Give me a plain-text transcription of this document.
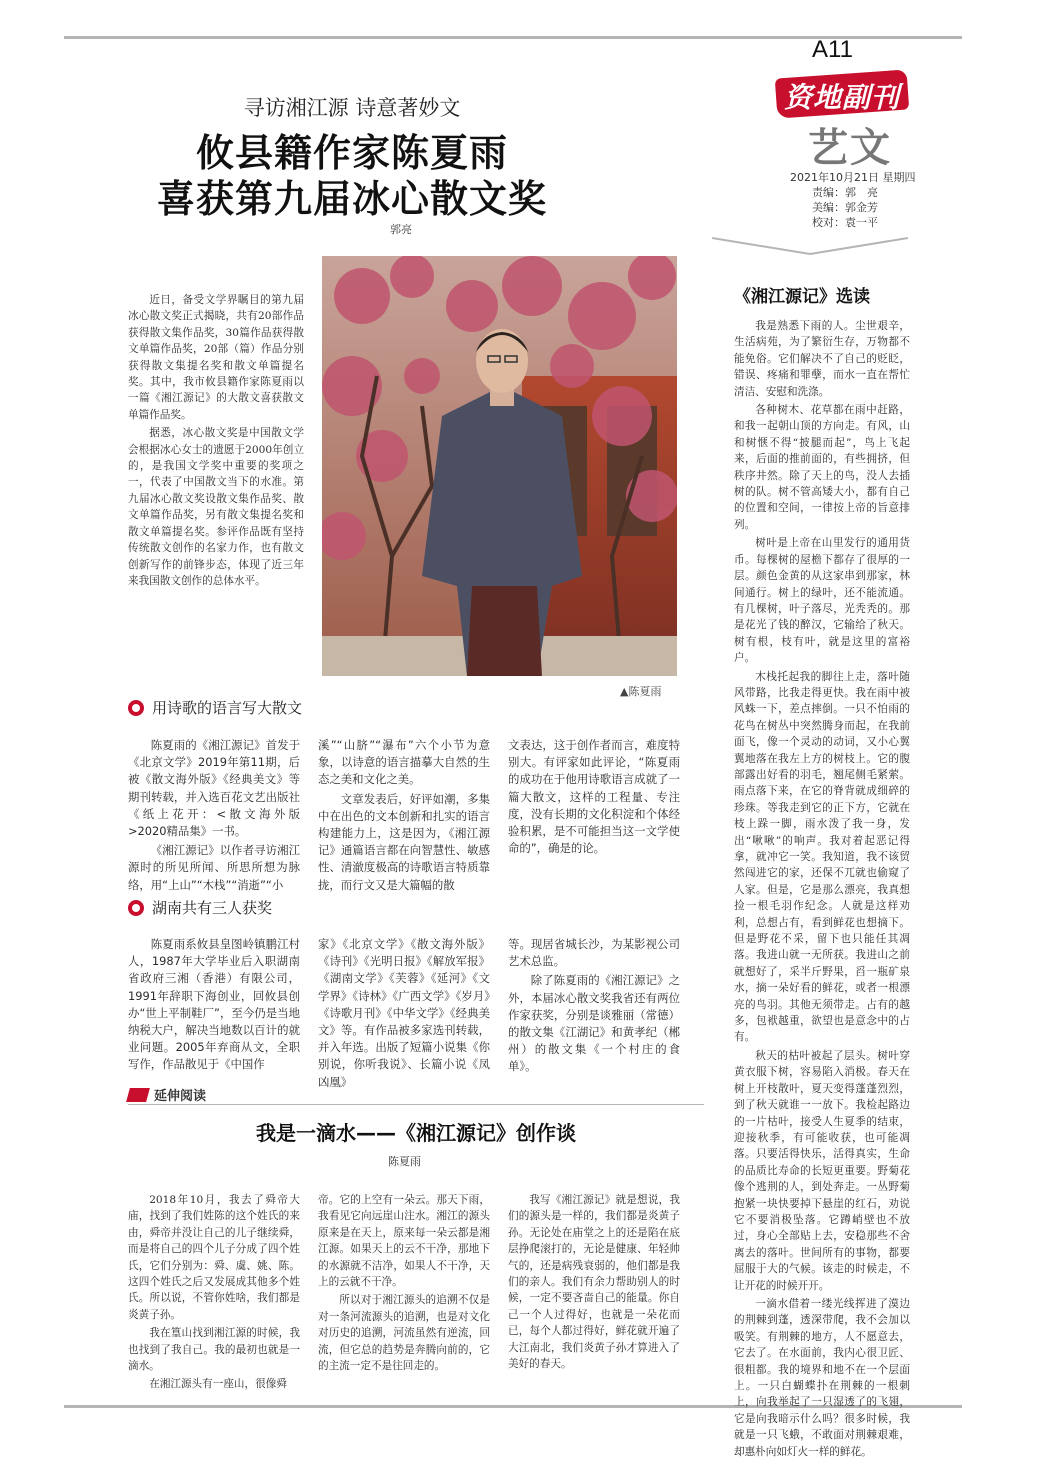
A11
资地副刊
艺文
2021年10月21日 星期四
责编：郭　亮
美编：郭金芳
校对：袁一平
寻访湘江源 诗意著妙文
攸县籍作家陈夏雨
喜获第九届冰心散文奖
郭亮

近日，备受文学界瞩目的第九届冰心散文奖正式揭晓，共有20部作品获得散文集作品奖，30篇作品获得散文单篇作品奖，20部（篇）作品分别获得散文集提名奖和散文单篇提名奖。其中，我市攸县籍作家陈夏雨以一篇《湘江源记》的大散文喜获散文单篇作品奖。

据悉，冰心散文奖是中国散文学会根据冰心女士的遗愿于2000年创立的，是我国文学奖中重要的奖项之一，代表了中国散文当下的水准。第九届冰心散文奖设散文集作品奖、散文单篇作品奖，另有散文集提名奖和散文单篇提名奖。参评作品既有坚持传统散文创作的名家力作，也有散文创新写作的前锋步态，体现了近三年来我国散文创作的总体水平。

▲陈夏雨
用诗歌的语言写大散文

陈夏雨的《湘江源记》首发于《北京文学》2019年第11期，后被《散文海外版》《经典美文》等期刊转载，并入选百花文艺出版社《纸上花开：<散文海外版>2020精品集》一书。

《湘江源记》以作者寻访湘江源时的所见所闻、所思所想为脉络，用“上山”“木栈”“消逝”“小

溪”“山脐”“瀑布”六个小节为意象，以诗意的语言描摹大自然的生态之美和文化之美。

文章发表后，好评如潮，多集中在出色的文本创新和扎实的语言构建能力上，这是因为，《湘江源记》通篇语言都在向智慧性、敏感性、清澈度极高的诗歌语言特质靠拢，而行文又是大篇幅的散

文表达，这于创作者而言，难度特别大。有评家如此评论，“陈夏雨的成功在于他用诗歌语言成就了一篇大散文，这样的工程量、专注度，没有长期的文化积淀和个体经验积累，是不可能担当这一文学使命的”，确是的论。

湖南共有三人获奖

陈夏雨系攸县皇图岭镇鹏江村人，1987年大学毕业后入职湖南省政府三湘（香港）有限公司，1991年辞职下海创业，回攸县创办“世上平制鞋厂”，至今仍是当地纳税大户，解决当地数以百计的就业问题。2005年弃商从文，全职写作，作品散见于《中国作

家》《北京文学》《散文海外版》《诗刊》《光明日报》《解放军报》《湖南文学》《芙蓉》《延河》《文学界》《诗林》《广西文学》《岁月》《诗歌月刊》《中华文学》《经典美文》等。有作品被多家选刊转载，并入年选。出版了短篇小说集《你别说，你听我说》、长篇小说《凤凶凰》

等。现居省城长沙，为某影视公司艺术总监。

除了陈夏雨的《湘江源记》之外，本届冰心散文奖我省还有两位作家获奖，分别是谈雅丽（常德）的散文集《江湖记》和黄孝纪（郴州）的散文集《一个村庄的食单》。

延伸阅读
我是一滴水——《湘江源记》创作谈
陈夏雨

2018年10月，我去了舜帝大庙，找到了我们姓陈的这个姓氏的来由，舜帝并没让自己的儿子继续舜，而是将自己的四个儿子分成了四个姓氏，它们分别为：舜、虞、姚、陈。这四个姓氏之后又发展成其他多个姓氏。所以说，不管你姓啥，我们都是炎黄子孙。

我在篁山找到湘江源的时候，我也找到了我自己。我的最初也就是一滴水。

在湘江源头有一座山，很像舜

帝。它的上空有一朵云。那天下雨，我看见它向远崖山注水。湘江的源头原来是在天上，原来每一朵云都是湘江源。如果天上的云不干净，那地下的水源就不洁净，如果人不干净，天上的云就不干净。

所以对于湘江源头的追溯不仅是对一条河流源头的追溯，也是对文化对历史的追溯，河流虽然有逆流，回流，但它总的趋势是奔腾向前的，它的主流一定不是往回走的。

我写《湘江源记》就是想说，我们的源头是一样的，我们都是炎黄子孙。无论处在庙堂之上的还是陷在底层挣爬滚打的，无论是健康、年轻帅气的，还是病残衰弱的，他们都是我们的亲人。我们有余力帮助别人的时候，一定不要吝啬自己的能量。你自己一个人过得好，也就是一朵花而已，每个人都过得好，鲜花就开遍了大江南北，我们炎黄子孙才算进入了美好的春天。

《湘江源记》选读

我是熟悉下雨的人。尘世艰辛，生活病苑，为了繁衍生存，万物都不能免俗。它们解决不了自己的贬眨，错误、疼痛和罪孽，而水一直在帮忙清洁、安慰和洗涤。

各种树木、花草都在雨中赶路，和我一起朝山顶的方向走。有风，山和树惬不得“披腿而起”，鸟上飞起来，后面的推前面的，有些拥挤，但秩序井然。除了天上的鸟，没人去插树的队。树不管高矮大小，都有自己的位置和空间，一律按上帝的旨意排列。

树叶是上帝在山里发行的通用货币。每棵树的屋檐下都存了很厚的一层。颜色金黄的从这家串到那家，林间通行。树上的绿叶，还不能流通。有几棵树，叶子落尽，光秃秃的。那是花光了钱的醉汉，它输给了秋天。树有根，枝有叶，就是这里的富裕户。

木栈托起我的脚往上走，落叶随风带路，比我走得更快。我在雨中被风蛛一下，差点摔倒。一只不怕雨的花鸟在树丛中突然腾身而起，在我前面飞，像一个灵动的动词，又小心翼翼地落在我左上方的树枝上。它的腹部露出好看的羽毛，翘尾侧毛紧萦。雨点落下来，在它的脊背就成细碎的珍珠。等我走到它的正下方，它就在枝上跺一脚，雨水泼了我一身，发出“啾啾”的响声。我对着起恶记得拿，就冲它一笑。我知道，我不该贸然闯进它的家，还保不兀就也偷窥了人家。但是，它是那么漂亮，我真想捡一根毛羽作纪念。人就是这样劝利，总想占有，看到鲜花也想摘下。但是野花不采，留下也只能任其凋落。我进山就一无所获。我进山之前就想好了，采半斤野果，舀一瓶矿泉水，摘一朵好看的鲜花，或者一根漂亮的鸟羽。其他无须带走。占有的越多，包袱越重，欲望也是意念中的占有。

秋天的枯叶被起了层头。树叶穿黄衣服下树，容易陷入消极。春天在树上开枝散叶，夏天变得蓬蓬烈烈，到了秋天就谁一一放下。我检起路边的一片枯叶，接受人生夏季的结束，迎接秋季，有可能收获，也可能凋落。只要活得快乐，活得真实，生命的品质比寿命的长短更重要。野菊花像个逃荆的人，到处奔走。一丛野菊抱紧一块快要掉下悬崖的红石，劝说它不要消极坠落。它蹲峭壁也不放过，身心全部贴上去，安稳那些不舍离去的落叶。世间所有的事物，都要屈服于大的气候。该走的时候走，不让开花的时候开开。

一滴水借着一缕光线挥进了漠边的荆棘到蓬，透深带爬，我不会加以吸笑。有荆棘的地方，人不愿意去，它去了。在水面前，我内心很卫匠、很粗都。我的境界和地不在一个层面上。一只白蝴蝶扑在荆棘的一根刺上，向我举起了一只湿透了的飞翅，它是向我暗示什么吗？很多时候，我就是一只飞蛾，不敢面对荆棘艰难，却惠朴向如灯火一样的鲜花。
